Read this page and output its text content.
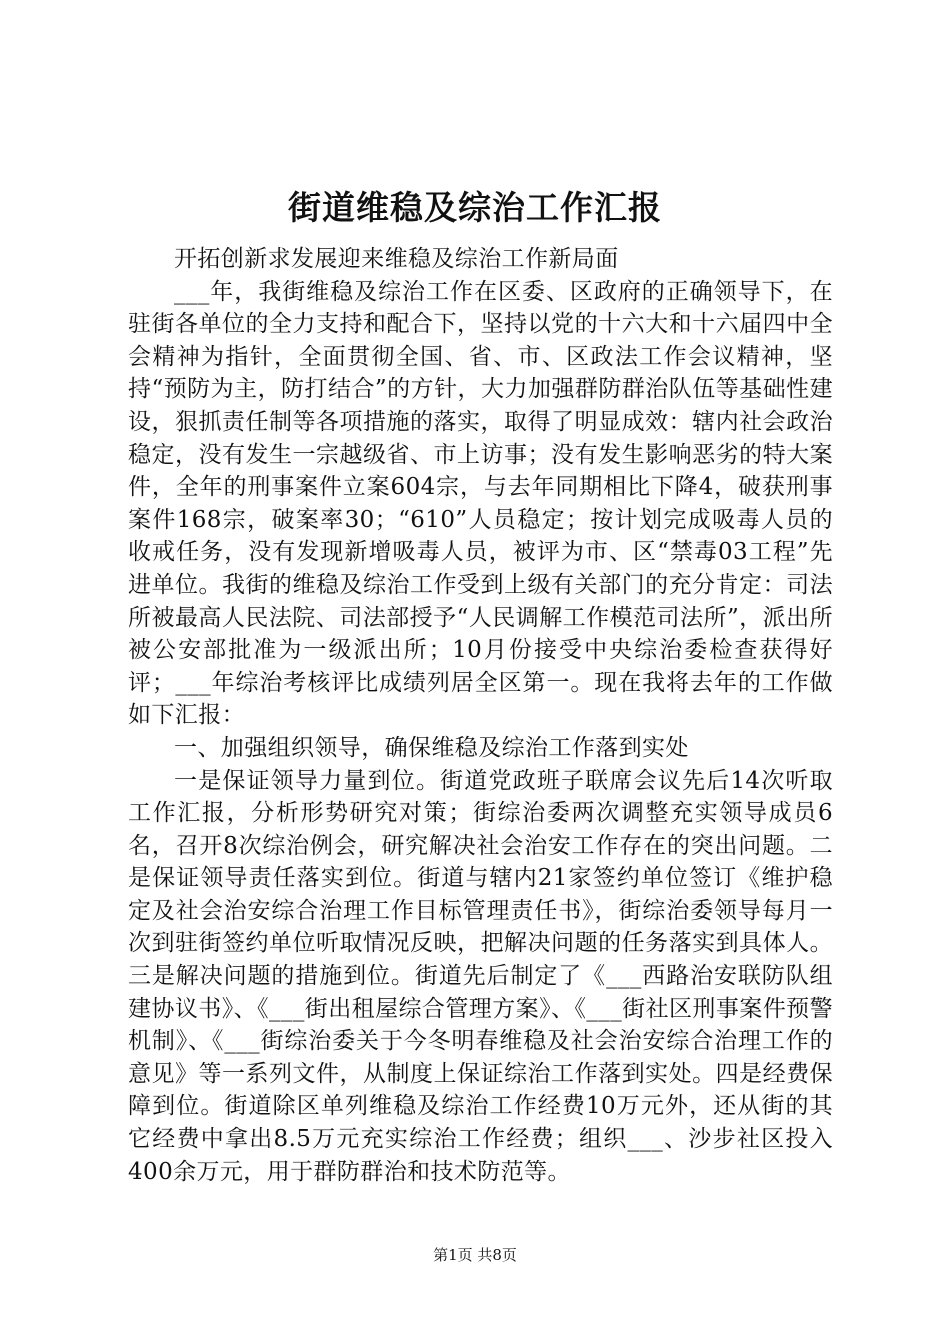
街道维稳及综治工作汇报

开拓创新求发展迎来维稳及综治工作新局面

___年，我街维稳及综治工作在区委、区政府的正确领导下，在驻街各单位的全力支持和配合下，坚持以党的十六大和十六届四中全会精神为指针，全面贯彻全国、省、市、区政法工作会议精神，坚持“预防为主，防打结合”的方针，大力加强群防群治队伍等基础性建设，狠抓责任制等各项措施的落实，取得了明显成效：辖内社会政治稳定，没有发生一宗越级省、市上访事；没有发生影响恶劣的特大案件，全年的刑事案件立案604宗，与去年同期相比下降4，破获刑事案件168宗，破案率30；“610”人员稳定；按计划完成吸毒人员的收戒任务，没有发现新增吸毒人员，被评为市、区“禁毒03工程”先进单位。我街的维稳及综治工作受到上级有关部门的充分肯定：司法所被最高人民法院、司法部授予“人民调解工作模范司法所”，派出所被公安部批准为一级派出所；10月份接受中央综治委检查获得好评；___年综治考核评比成绩列居全区第一。现在我将去年的工作做如下汇报：

一、加强组织领导，确保维稳及综治工作落到实处

一是保证领导力量到位。街道党政班子联席会议先后14次听取工作汇报，分析形势研究对策；街综治委两次调整充实领导成员6名，召开8次综治例会，研究解决社会治安工作存在的突出问题。二是保证领导责任落实到位。街道与辖内21家签约单位签订《维护稳定及社会治安综合治理工作目标管理责任书》，街综治委领导每月一次到驻街签约单位听取情况反映，把解决问题的任务落实到具体人。三是解决问题的措施到位。街道先后制定了《___西路治安联防队组建协议书》、《___街出租屋综合管理方案》、《___街社区刑事案件预警机制》、《___街综治委关于今冬明春维稳及社会治安综合治理工作的意见》等一系列文件，从制度上保证综治工作落到实处。四是经费保障到位。街道除区单列维稳及综治工作经费10万元外，还从街的其它经费中拿出8.5万元充实综治工作经费；组织___、沙步社区投入400余万元，用于群防群治和技术防范等。

第1页 共8页
